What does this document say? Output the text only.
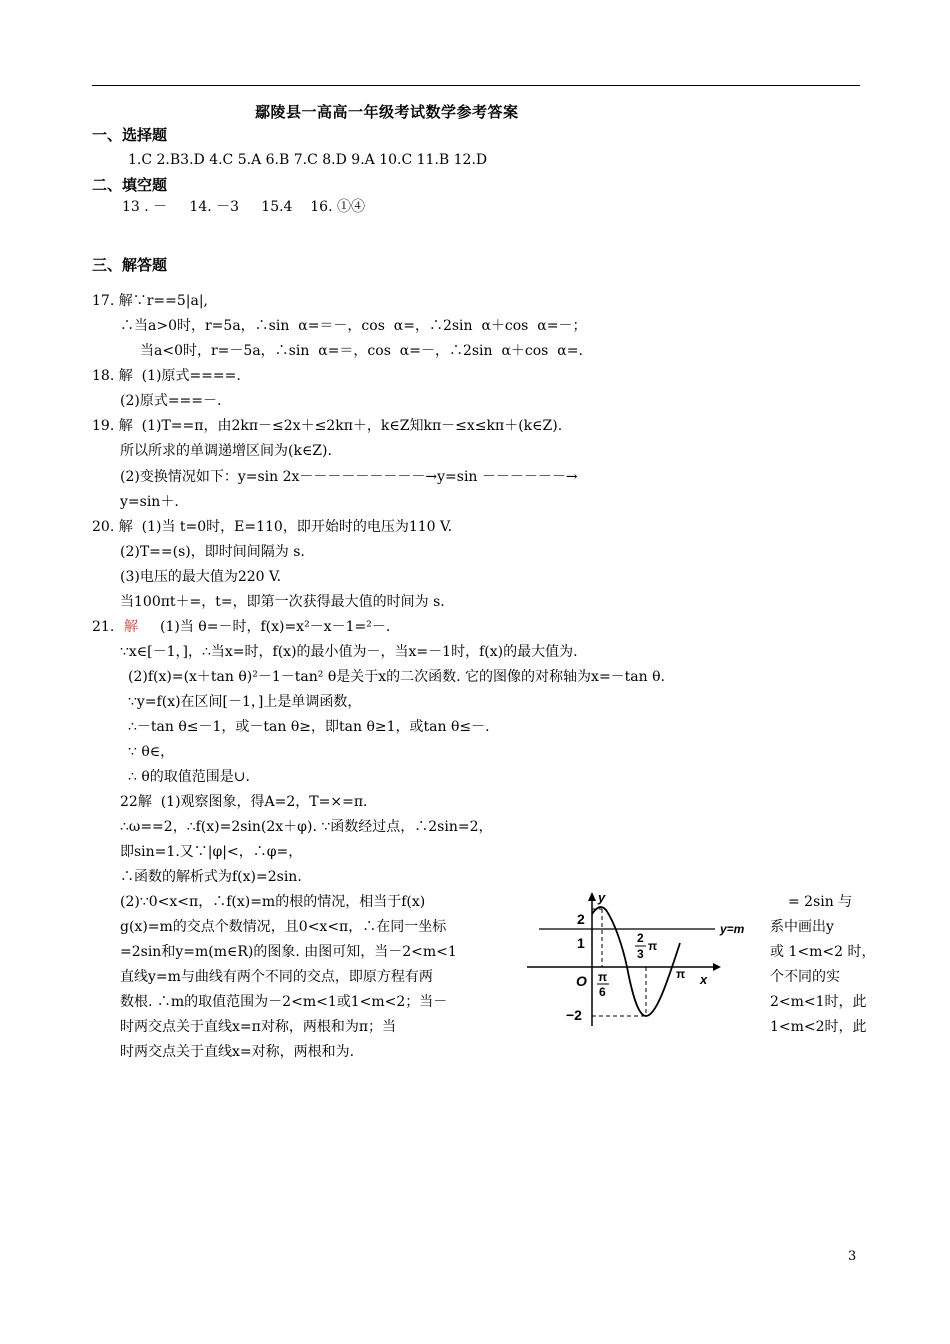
鄢陵县一高高一年级考试数学参考答案
一、选择题
1.C 2.B3.D 4.C 5.A 6.B 7.C 8.D 9.A 10.C 11.B 12.D
二、填空题
13 . －     14. －3     15.4    16. ①④
三、解答题
17. 解∵r==5|a|,
∴当a>0时，r=5a，∴sin  α=＝－，cos  α=，∴2sin  α＋cos  α=－；
当a<0时，r=－5a，∴sin  α=＝，cos  α=－，∴2sin  α＋cos  α=.
18. 解  (1)原式====.
(2)原式===－.
19. 解  (1)T==π，由2kπ－≤2x＋≤2kπ＋，k∈Z知kπ－≤x≤kπ＋(k∈Z).
所以所求的单调递增区间为(k∈Z).
(2)变换情况如下：y=sin 2x－－－－－－－－－→y=sin －－－－－－→
y=sin＋.
20. 解  (1)当 t=0时，E=110，即开始时的电压为110 V.
(2)T==(s)，即时间间隔为 s.
(3)电压的最大值为220 V.
当100πt＋=，t=，即第一次获得最大值的时间为 s.
21. 解 (1)当 θ=－时，f(x)=x²－x－1=²－.
∵x∈[－1，]，∴当x=时，f(x)的最小值为－，当x=－1时，f(x)的最大值为.
(2)f(x)=(x＋tan θ)²－1－tan² θ是关于x的二次函数. 它的图像的对称轴为x=－tan θ.
∵y=f(x)在区间[－1，]上是单调函数，
∴－tan θ≤－1，或－tan θ≥，即tan θ≥1，或tan θ≤－.
∵ θ∈，
∴ θ的取值范围是∪.
22解  (1)观察图象，得A=2，T=×=π.
∴ω==2，∴f(x)=2sin(2x＋φ). ∵函数经过点，∴2sin=2，
即sin=1.又∵|φ|<，∴φ=，
∴函数的解析式为f(x)=2sin.
(2)∵0<x<π，∴f(x)=m的根的情况，相当于f(x)
g(x)=m的交点个数情况，且0<x<π，∴在同一坐标
=2sin和y=m(m∈R)的图象. 由图可知，当－2<m<1
直线y=m与曲线有两个不同的交点，即原方程有两
数根. ∴m的取值范围为－2<m<1或1<m<2；当－
时两交点关于直线x=π对称，两根和为π；当
时两交点关于直线x=对称，两根和为.
= 2sin 与
系中画出y
或 1<m<2 时，
个不同的实
2<m<1时，此
1<m<2时，此
y
x
y=m
O
2
1
−2
π
6
2
3
π
π
3
